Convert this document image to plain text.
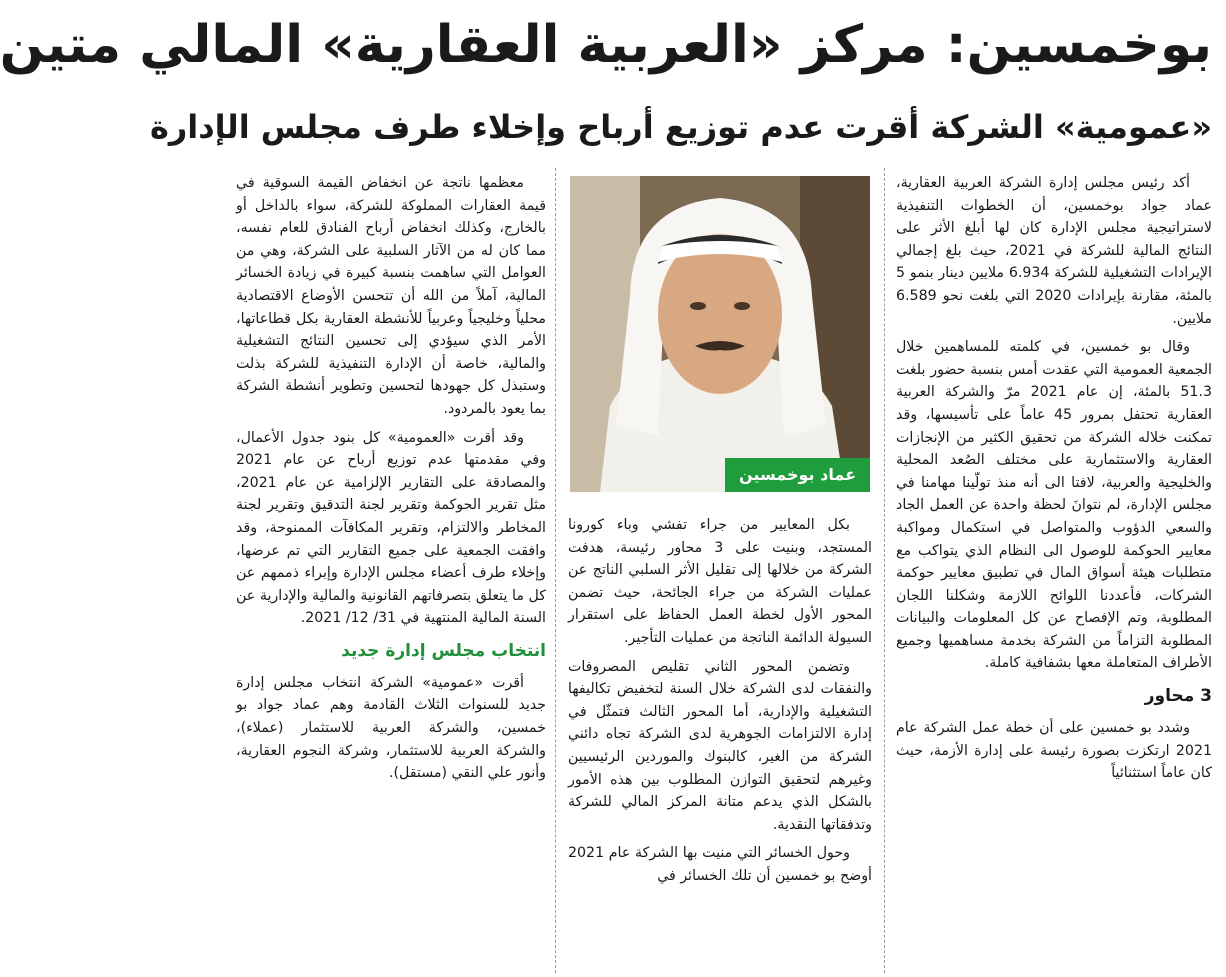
بوخمسين: مركز «العربية العقارية» المالي متين
«عمومية» الشركة أقرت عدم توزيع أرباح وإخلاء طرف مجلس الإدارة

أكد رئيس مجلس إدارة الشركة العربية العقارية، عماد جواد بوخمسين، أن الخطوات التنفيذية لاستراتيجية مجلس الإدارة كان لها أبلغ الأثر على النتائج المالية للشركة في 2021، حيث بلغ إجمالي الإيرادات التشغيلية للشركة 6.934 ملايين دينار بنمو 5 بالمئة، مقارنة بإيرادات 2020 التي بلغت نحو 6.589 ملايين.

وقال بو خمسين، في كلمته للمساهمين خلال الجمعية العمومية التي عقدت أمس بنسبة حضور بلغت 51.3 بالمئة، إن عام 2021 مرّ والشركة العربية العقارية تحتفل بمرور 45 عاماً على تأسيسها، وقد تمكنت خلاله الشركة من تحقيق الكثير من الإنجازات العقارية والاستثمارية على مختلف الصُعد المحلية والخليجية والعربية، لافتا الى أنه منذ تولّينا مهامنا في مجلس الإدارة، لم نتوانَ لحظة واحدة عن العمل الجاد والسعي الدؤوب والمتواصل في استكمال ومواكبة معايير الحوكمة للوصول الى النظام الذي يتواكب مع متطلبات هيئة أسواق المال في تطبيق معايير حوكمة الشركات، فأعددنا اللوائح اللازمة وشكلنا اللجان المطلوبة، وتم الإفصاح عن كل المعلومات والبيانات المطلوبة التزاماً من الشركة بخدمة مساهميها وجميع الأطراف المتعاملة معها بشفافية كاملة.

3 محاور

وشدد بو خمسين على أن خطة عمل الشركة عام 2021 ارتكزت بصورة رئيسة على إدارة الأزمة، حيث كان عاماً استثنائياً

عماد بوخمسين

بكل المعايير من جراء تفشي وباء كورونا المستجد، وبنيت على 3 محاور رئيسة، هدفت الشركة من خلالها إلى تقليل الأثر السلبي الناتج عن عمليات الشركة من جراء الجائحة، حيث تضمن المحور الأول لخطة العمل الحفاظ على استقرار السيولة الدائمة الناتجة من عمليات التأجير.

وتضمن المحور الثاني تقليص المصروفات والنفقات لدى الشركة خلال السنة لتخفيض تكاليفها التشغيلية والإدارية، أما المحور الثالث فتمثّل في إدارة الالتزامات الجوهرية لدى الشركة تجاه دائني الشركة من الغير، كالبنوك والموردين الرئيسيين وغيرهم لتحقيق التوازن المطلوب بين هذه الأمور بالشكل الذي يدعم متانة المركز المالي للشركة وتدفقاتها النقدية.

وحول الخسائر التي منيت بها الشركة عام 2021 أوضح بو خمسين أن تلك الخسائر في

معظمها ناتجة عن انخفاض القيمة السوقية في قيمة العقارات المملوكة للشركة، سواء بالداخل أو بالخارج، وكذلك انخفاض أرباح الفنادق للعام نفسه، مما كان له من الآثار السلبية على الشركة، وهي من العوامل التي ساهمت بنسبة كبيرة في زيادة الخسائر المالية، آملاً من الله أن تتحسن الأوضاع الاقتصادية محلياً وخليجياً وعربياً للأنشطة العقارية بكل قطاعاتها، الأمر الذي سيؤدي إلى تحسين النتائج التشغيلية والمالية، خاصة أن الإدارة التنفيذية للشركة بذلت وستبذل كل جهودها لتحسين وتطوير أنشطة الشركة بما يعود بالمردود.

وقد أقرت «العمومية» كل بنود جدول الأعمال، وفي مقدمتها عدم توزيع أرباح عن عام 2021 والمصادقة على التقارير الإلزامية عن عام 2021، مثل تقرير الحوكمة وتقرير لجنة التدقيق وتقرير لجنة المخاطر والالتزام، وتقرير المكافآت الممنوحة، وقد وافقت الجمعية على جميع التقارير التي تم عرضها، وإخلاء طرف أعضاء مجلس الإدارة وإبراء ذممهم عن كل ما يتعلق بتصرفاتهم القانونية والمالية والإدارية عن السنة المالية المنتهية في 31/ 12/ 2021.

انتخاب مجلس إدارة جديد

أقرت «عمومية» الشركة انتخاب مجلس إدارة جديد للسنوات الثلاث القادمة وهم عماد جواد بو خمسين، والشركة العربية للاستثمار (عملاء)، والشركة العربية للاستثمار، وشركة النجوم العقارية، وأنور علي النقي (مستقل).
